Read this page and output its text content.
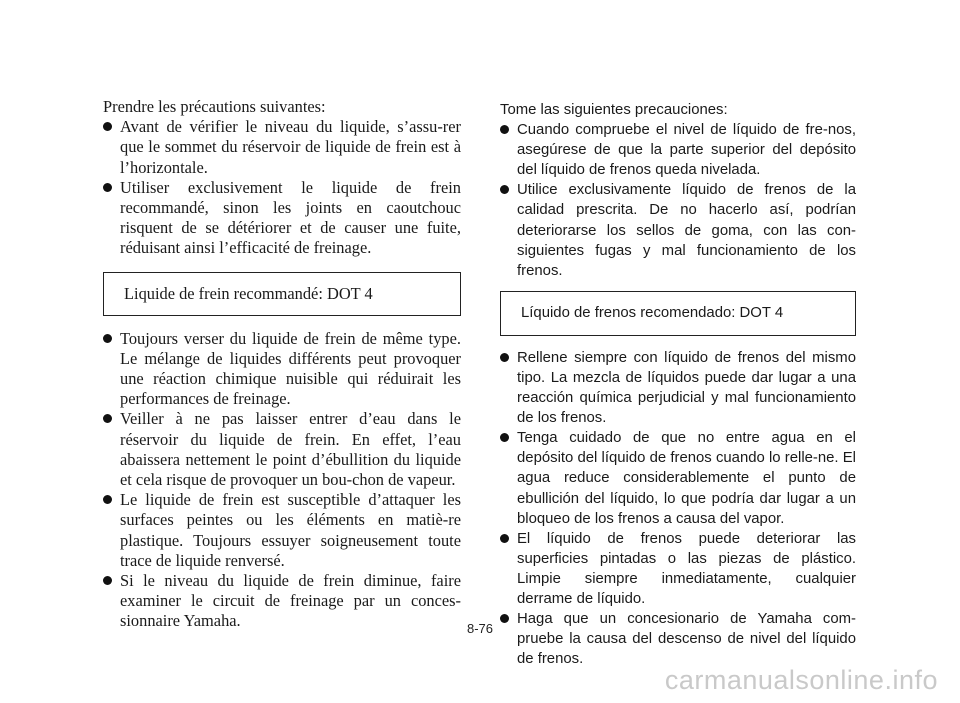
Prendre les précautions suivantes:

Avant de vérifier le niveau du liquide, s’assu-rer que le sommet du réservoir de liquide de frein est à l’horizontale.
Utiliser exclusivement le liquide de frein recommandé, sinon les joints en caoutchouc risquent de se détériorer et de causer une fuite, réduisant ainsi l’efficacité de freinage.
Liquide de frein recommandé: DOT 4
Toujours verser du liquide de frein de même type. Le mélange de liquides différents peut provoquer une réaction chimique nuisible qui réduirait les performances de freinage.
Veiller à ne pas laisser entrer d’eau dans le réservoir du liquide de frein. En effet, l’eau abaissera nettement le point d’ébullition du liquide et cela risque de provoquer un bou-chon de vapeur.
Le liquide de frein est susceptible d’attaquer les surfaces peintes ou les éléments en matiè-re plastique. Toujours essuyer soigneusement toute trace de liquide renversé.
Si le niveau du liquide de frein diminue, faire examiner le circuit de freinage par un conces-sionnaire Yamaha.

Tome las siguientes precauciones:

Cuando compruebe el nivel de líquido de fre-nos, asegúrese de que la parte superior del depósito del líquido de frenos queda nivelada.
Utilice exclusivamente líquido de frenos de la calidad prescrita. De no hacerlo así, podrían deteriorarse los sellos de goma, con las con-siguientes fugas y mal funcionamiento de los frenos.
Líquido de frenos recomendado: DOT 4
Rellene siempre con líquido de frenos del mismo tipo. La mezcla de líquidos puede dar lugar a una reacción química perjudicial y mal funcionamiento de los frenos.
Tenga cuidado de que no entre agua en el depósito del líquido de frenos cuando lo relle-ne. El agua reduce considerablemente el punto de ebullición del líquido, lo que podría dar lugar a un bloqueo de los frenos a causa del vapor.
El líquido de frenos puede deteriorar las superficies pintadas o las piezas de plástico. Limpie siempre inmediatamente, cualquier derrame de líquido.
Haga que un concesionario de Yamaha com-pruebe la causa del descenso de nivel del líquido de frenos.
8-76
carmanualsonline.info
